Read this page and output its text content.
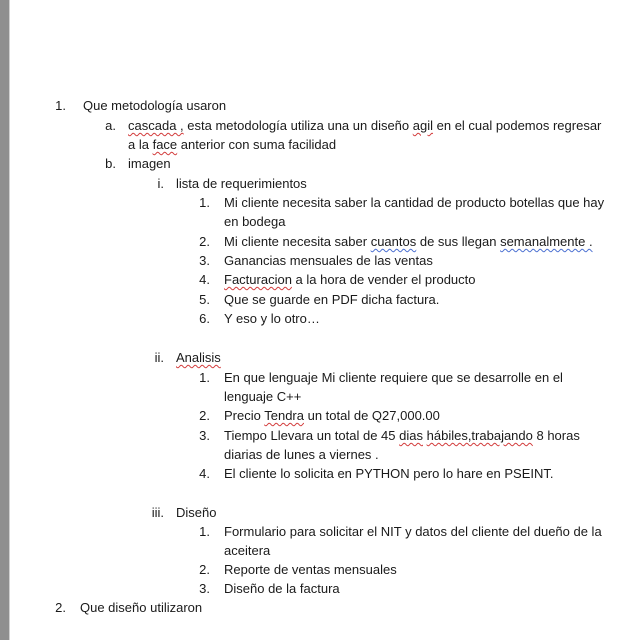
1. Que metodología usaron
a. cascada , esta metodología utiliza una un diseño agil en el cual podemos regresar
a la face anterior con suma facilidad
b. imagen
i. lista de requerimientos
1. Mi cliente necesita saber la cantidad de producto botellas que hay
en bodega
2. Mi cliente necesita saber cuantos de sus llegan semanalmente .
3. Ganancias mensuales de las ventas
4. Facturacion a la hora de vender el producto
5. Que se guarde en PDF dicha factura.
6. Y eso y lo otro…
ii. Analisis
1. En que lenguaje Mi cliente requiere que se desarrolle en el
lenguaje C++
2. Precio Tendra un total de Q27,000.00
3. Tiempo Llevara un total de 45 dias hábiles,trabajando 8 horas
diarias de lunes a viernes .
4. El cliente lo solicita en PYTHON pero lo hare en PSEINT.
iii. Diseño
1. Formulario para solicitar el NIT y datos del cliente del dueño de la
aceitera
2. Reporte de ventas mensuales
3. Diseño de la factura
2. Que diseño utilizaron
